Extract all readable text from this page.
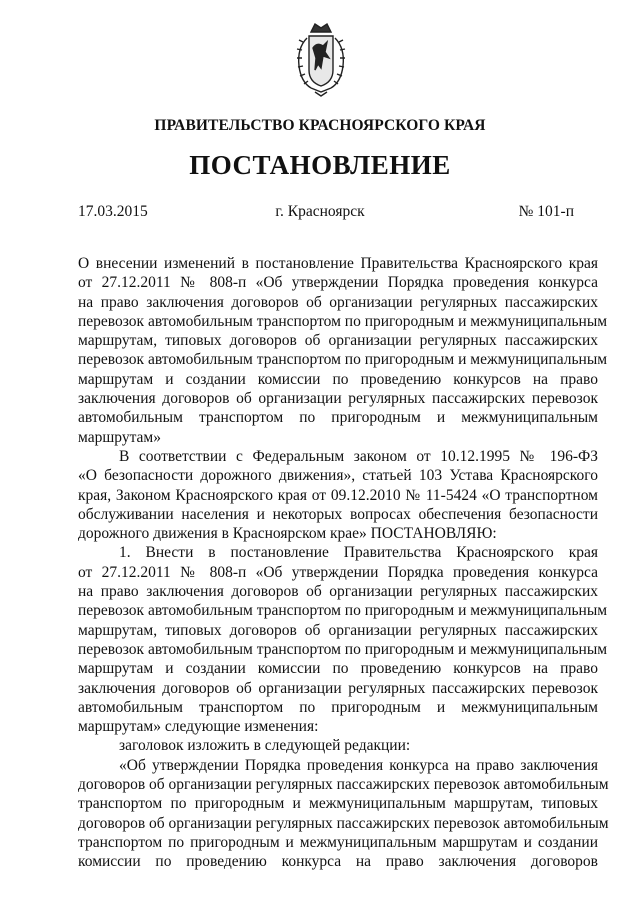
ПРАВИТЕЛЬСТВО КРАСНОЯРСКОГО КРАЯ
ПОСТАНОВЛЕНИЕ
17.03.2015	г. Красноярск	№ 101-п
О внесении изменений в постановление Правительства Красноярского края
от 27.12.2011 № 808-п «Об утверждении Порядка проведения конкурса
на право заключения договоров об организации регулярных пассажирских
перевозок автомобильным транспортом по пригородным и межмуниципальным
маршрутам, типовых договоров об организации регулярных пассажирских
перевозок автомобильным транспортом по пригородным и межмуниципальным
маршрутам и создании комиссии по проведению конкурсов на право
заключения договоров об организации регулярных пассажирских перевозок
автомобильным транспортом по пригородным и межмуниципальным
маршрутам»
В соответствии с Федеральным законом от 10.12.1995 № 196-ФЗ
«О безопасности дорожного движения», статьей 103 Устава Красноярского
края, Законом Красноярского края от 09.12.2010 № 11-5424 «О транспортном
обслуживании населения и некоторых вопросах обеспечения безопасности
дорожного движения в Красноярском крае» ПОСТАНОВЛЯЮ:
1. Внести в постановление Правительства Красноярского края
от 27.12.2011 № 808-п «Об утверждении Порядка проведения конкурса
на право заключения договоров об организации регулярных пассажирских
перевозок автомобильным транспортом по пригородным и межмуниципальным
маршрутам, типовых договоров об организации регулярных пассажирских
перевозок автомобильным транспортом по пригородным и межмуниципальным
маршрутам и создании комиссии по проведению конкурсов на право
заключения договоров об организации регулярных пассажирских перевозок
автомобильным транспортом по пригородным и межмуниципальным
маршрутам» следующие изменения:
заголовок изложить в следующей редакции:
«Об утверждении Порядка проведения конкурса на право заключения
договоров об организации регулярных пассажирских перевозок автомобильным
транспортом по пригородным и межмуниципальным маршрутам, типовых
договоров об организации регулярных пассажирских перевозок автомобильным
транспортом по пригородным и межмуниципальным маршрутам и создании
комиссии по проведению конкурса на право заключения договоров
